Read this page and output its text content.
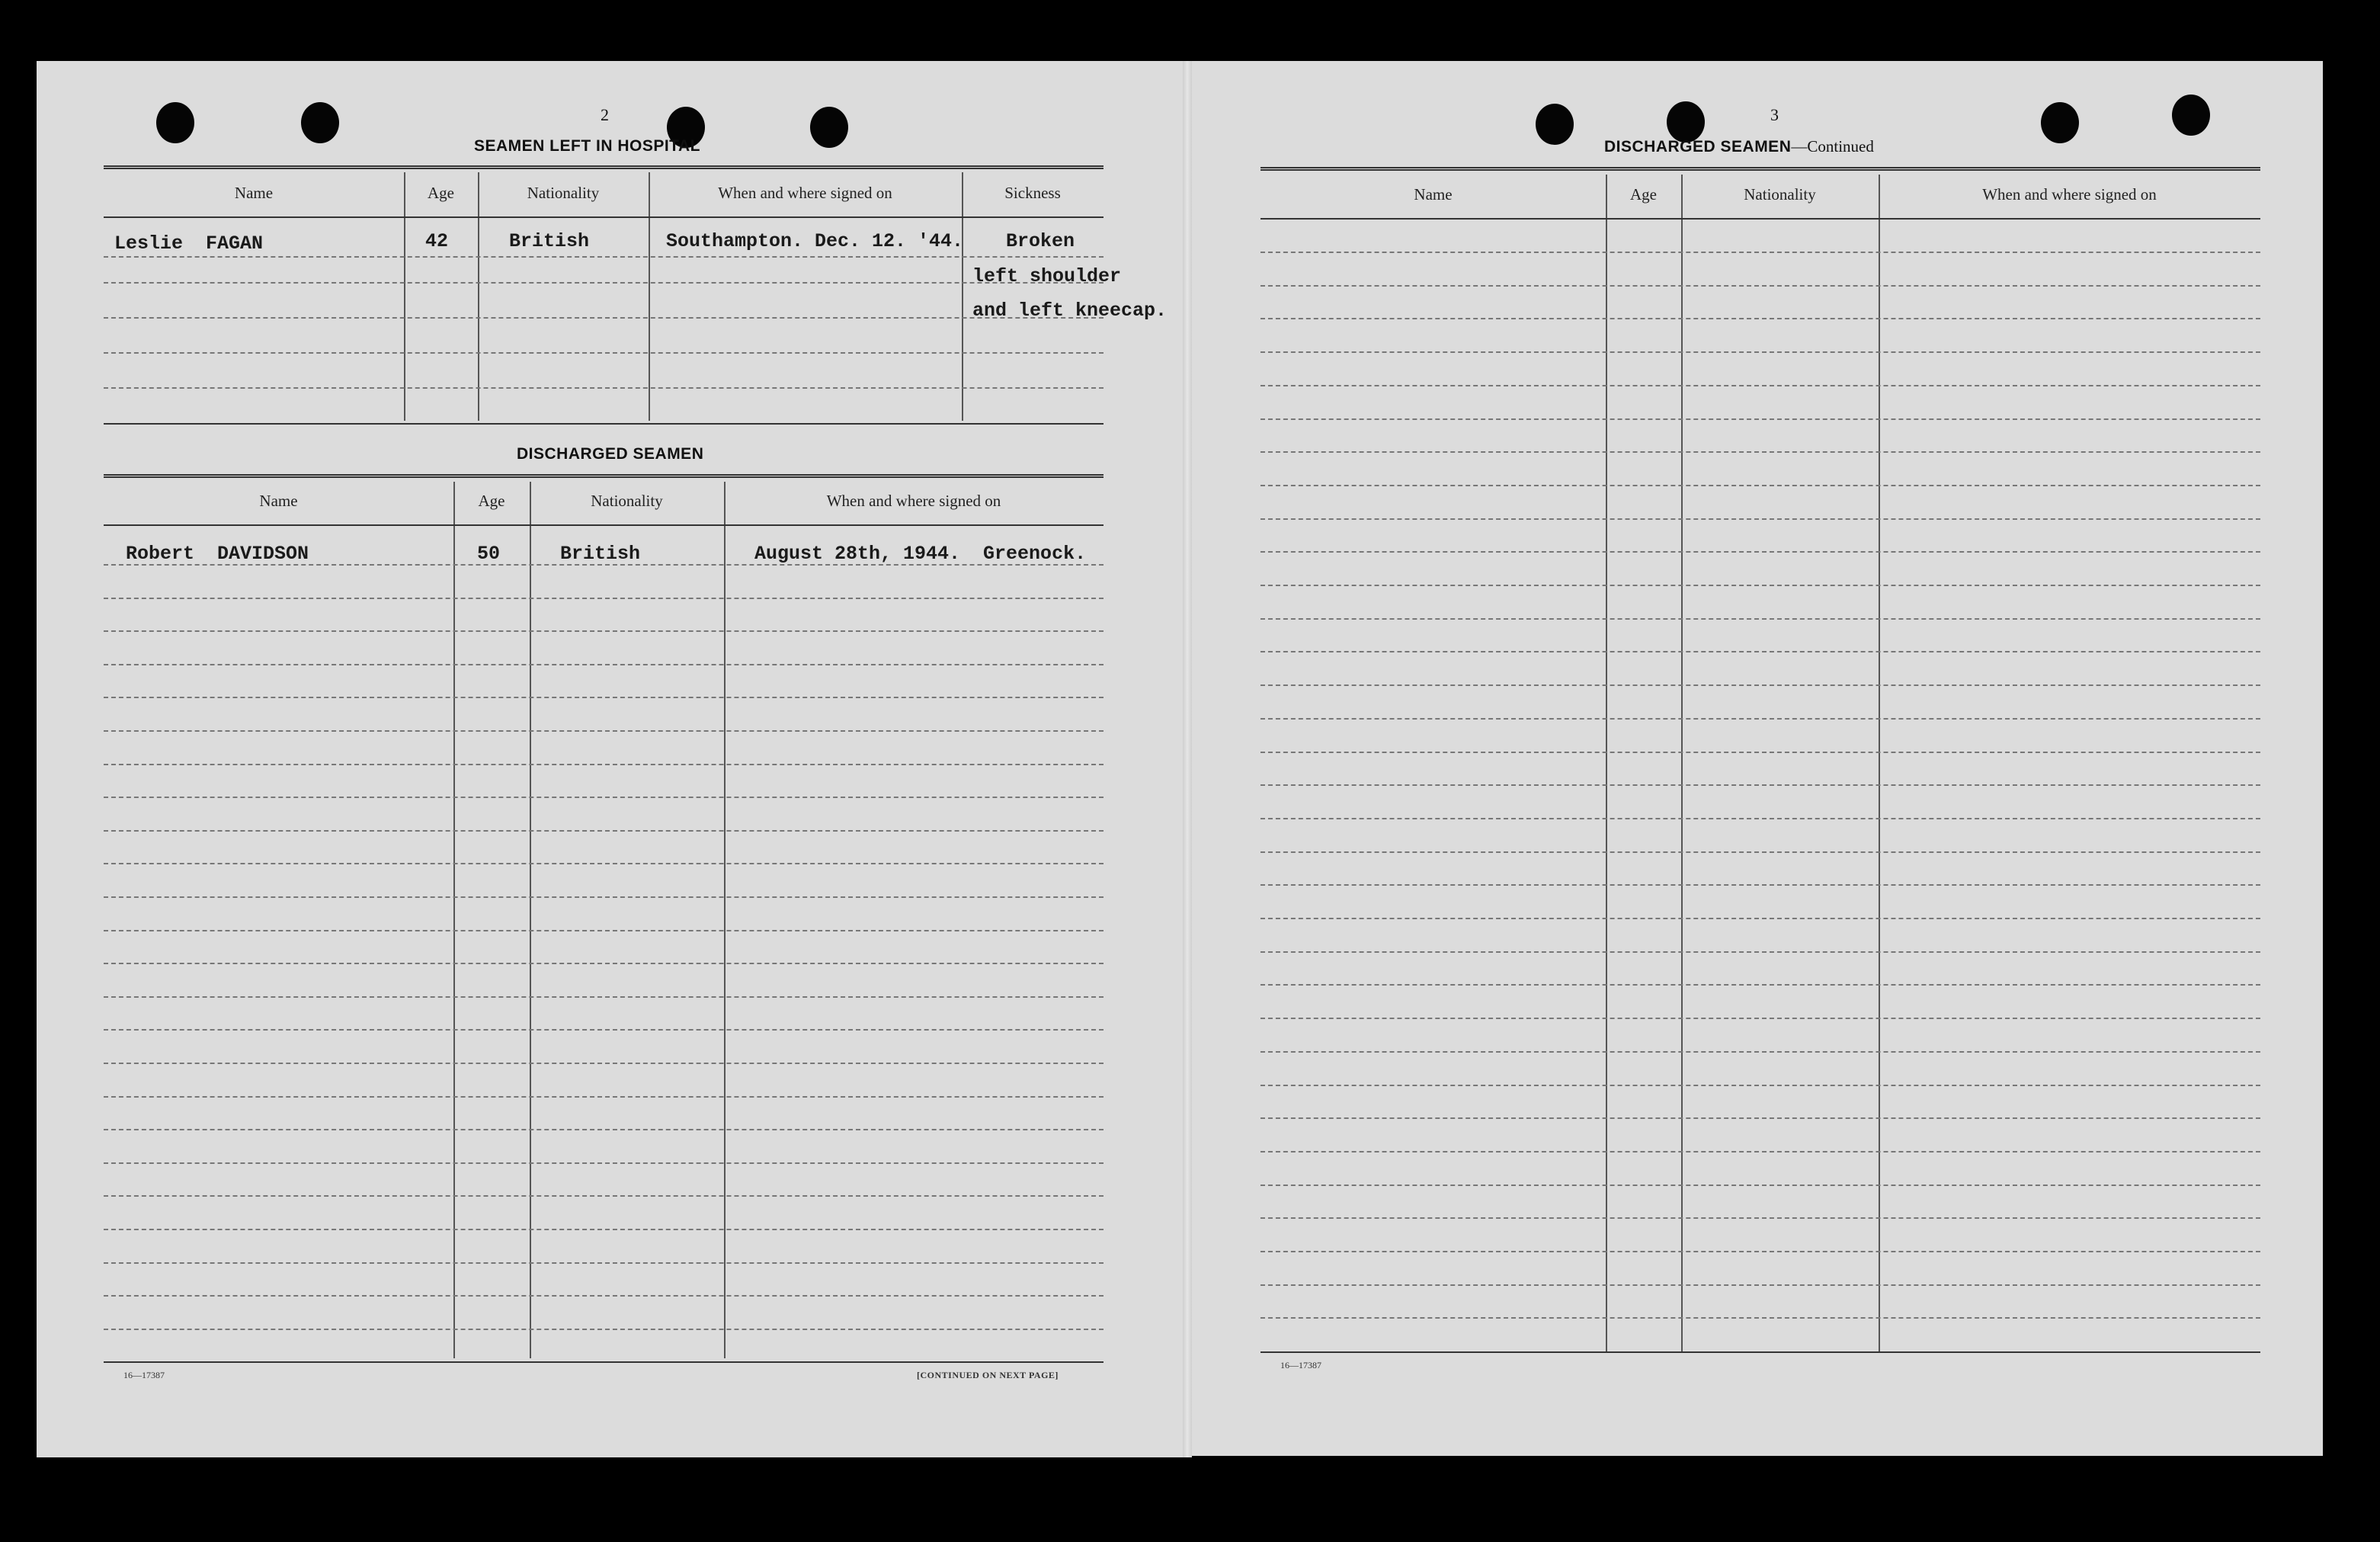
2
SEAMEN LEFT IN HOSPITAL
Name	Age	Nationality	When and where signed on	Sickness
Leslie  FAGAN	42	British	Southampton. Dec. 12. '44. Broken
left shoulder
and left kneecap.
DISCHARGED SEAMEN
Name	Age	Nationality	When and where signed on
Robert  DAVIDSON	50	British	August 28th, 1944.  Greenock.
16—17387	[CONTINUED ON NEXT PAGE]
3
DISCHARGED SEAMEN—Continued
Name	Age	Nationality	When and where signed on
16—17387
